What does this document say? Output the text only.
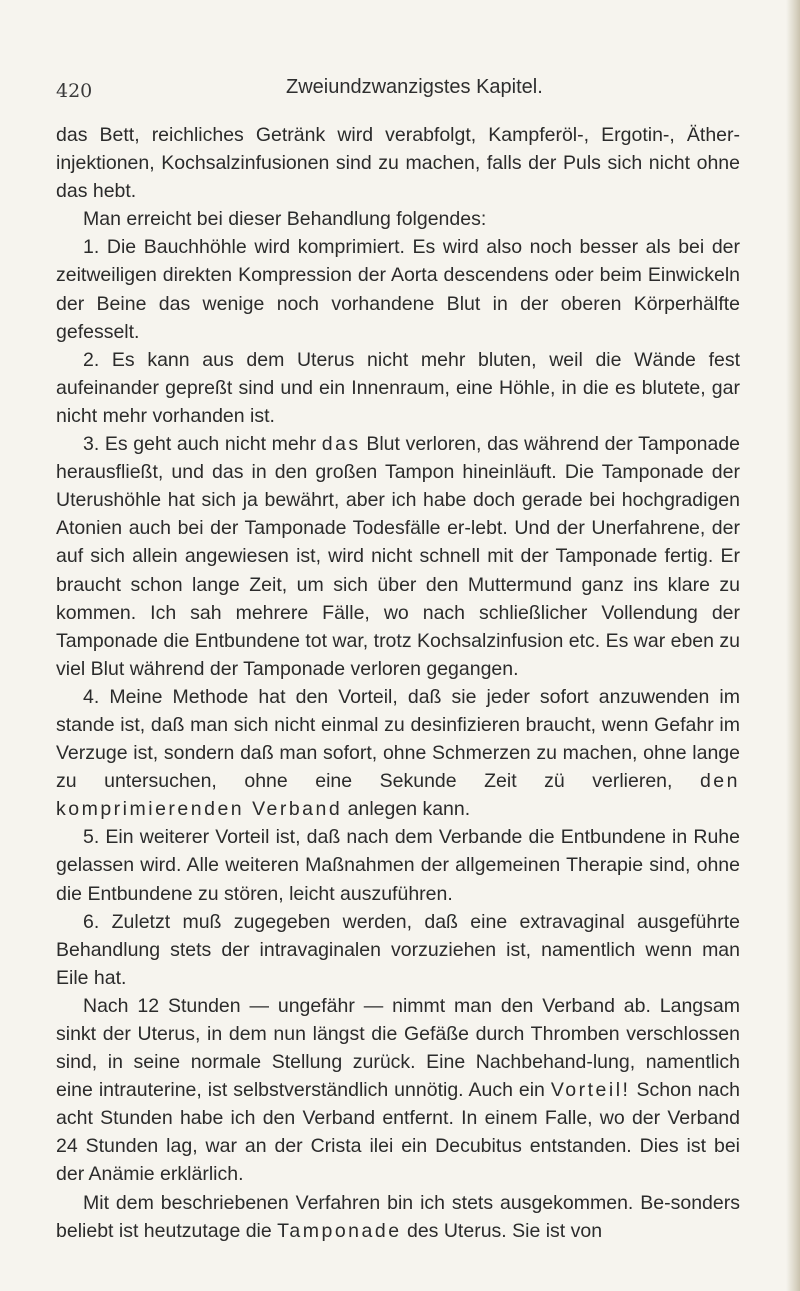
420	Zweiundzwanzigstes Kapitel.

das Bett, reichliches Getränk wird verabfolgt, Kampferöl-, Ergotin-, Äther-injektionen, Kochsalzinfusionen sind zu machen, falls der Puls sich nicht ohne das hebt.

Man erreicht bei dieser Behandlung folgendes:

1. Die Bauchhöhle wird komprimiert. Es wird also noch besser als bei der zeitweiligen direkten Kompression der Aorta descendens oder beim Einwickeln der Beine das wenige noch vorhandene Blut in der oberen Körperhälfte gefesselt.

2. Es kann aus dem Uterus nicht mehr bluten, weil die Wände fest aufeinander gepreßt sind und ein Innenraum, eine Höhle, in die es blutete, gar nicht mehr vorhanden ist.

3. Es geht auch nicht mehr das Blut verloren, das während der Tamponade herausfließt, und das in den großen Tampon hineinläuft. Die Tamponade der Uterushöhle hat sich ja bewährt, aber ich habe doch gerade bei hochgradigen Atonien auch bei der Tamponade Todesfälle er-lebt. Und der Unerfahrene, der auf sich allein angewiesen ist, wird nicht schnell mit der Tamponade fertig. Er braucht schon lange Zeit, um sich über den Muttermund ganz ins klare zu kommen. Ich sah mehrere Fälle, wo nach schließlicher Vollendung der Tamponade die Entbundene tot war, trotz Kochsalzinfusion etc. Es war eben zu viel Blut während der Tamponade verloren gegangen.

4. Meine Methode hat den Vorteil, daß sie jeder sofort anzuwenden im stande ist, daß man sich nicht einmal zu desinfizieren braucht, wenn Gefahr im Verzuge ist, sondern daß man sofort, ohne Schmerzen zu machen, ohne lange zu untersuchen, ohne eine Sekunde Zeit zü verlieren, den komprimierenden Verband anlegen kann.

5. Ein weiterer Vorteil ist, daß nach dem Verbande die Entbundene in Ruhe gelassen wird. Alle weiteren Maßnahmen der allgemeinen Therapie sind, ohne die Entbundene zu stören, leicht auszuführen.

6. Zuletzt muß zugegeben werden, daß eine extravaginal ausgeführte Behandlung stets der intravaginalen vorzuziehen ist, namentlich wenn man Eile hat.

Nach 12 Stunden — ungefähr — nimmt man den Verband ab. Langsam sinkt der Uterus, in dem nun längst die Gefäße durch Thromben verschlossen sind, in seine normale Stellung zurück. Eine Nachbehand-lung, namentlich eine intrauterine, ist selbstverständlich unnötig. Auch ein Vorteil! Schon nach acht Stunden habe ich den Verband entfernt. In einem Falle, wo der Verband 24 Stunden lag, war an der Crista ilei ein Decubitus entstanden. Dies ist bei der Anämie erklärlich.

Mit dem beschriebenen Verfahren bin ich stets ausgekommen. Be-sonders beliebt ist heutzutage die Tamponade des Uterus. Sie ist von
